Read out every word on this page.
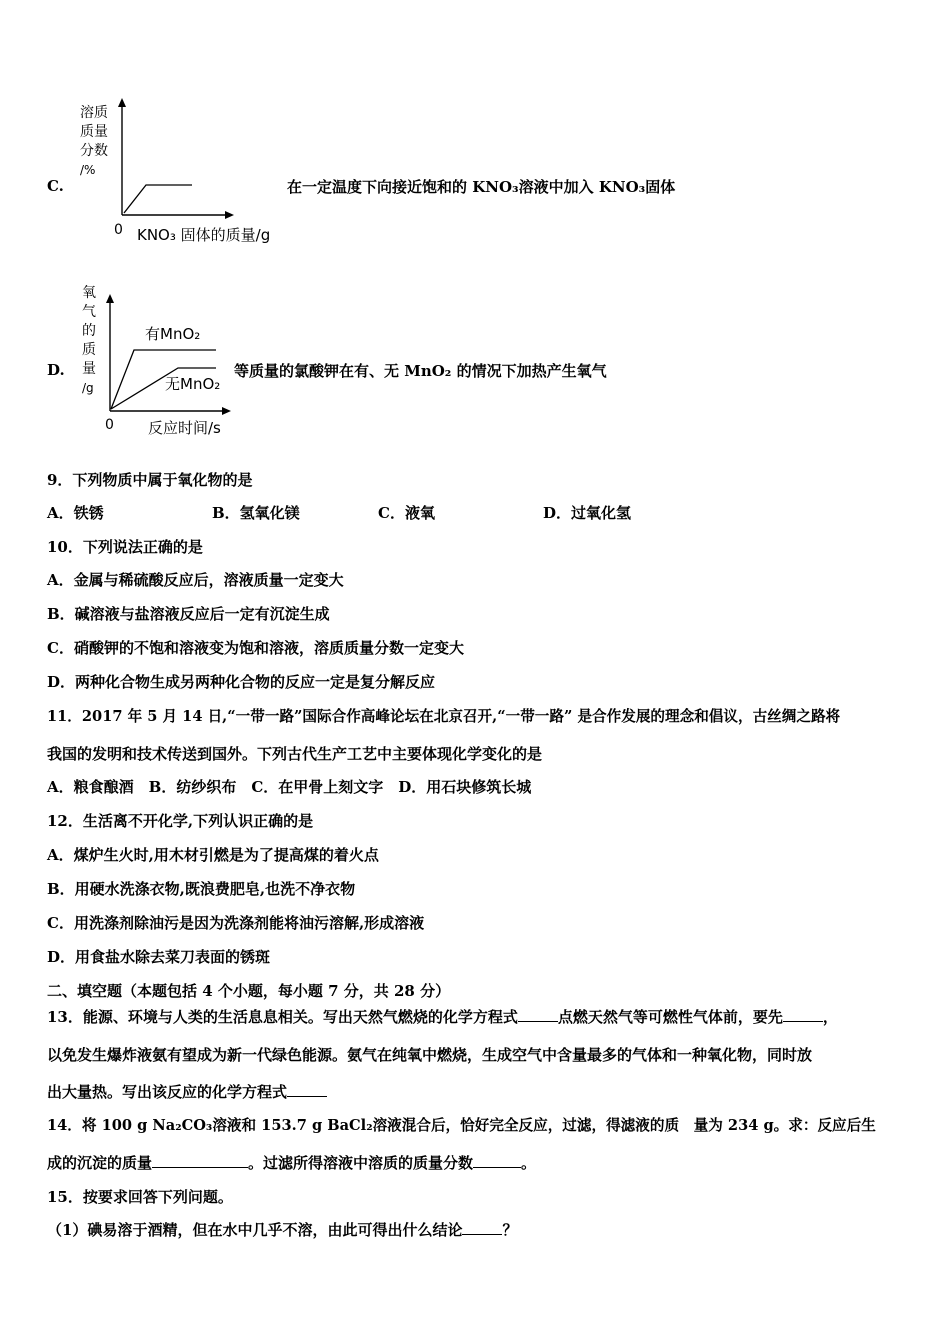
C.
溶质
质量
分数
/%
0 KNO₃ 固体的质量/g
在一定温度下向接近饱和的 KNO₃溶液中加入 KNO₃固体
D.
氧
气
的
质
量
/g
有MnO₂
无MnO₂
0 反应时间/s
等质量的氯酸钾在有、无 MnO₂ 的情况下加热产生氧气
9．下列物质中属于氧化物的是
A．铁锈	B．氢氧化镁	C．液氧	D．过氧化氢
10．下列说法正确的是
A．金属与稀硫酸反应后，溶液质量一定变大
B．碱溶液与盐溶液反应后一定有沉淀生成
C．硝酸钾的不饱和溶液变为饱和溶液，溶质质量分数一定变大
D．两种化合物生成另两种化合物的反应一定是复分解反应
11．2017 年 5 月 14 日,“一带一路”国际合作高峰论坛在北京召开,“一带一路” 是合作发展的理念和倡议，古丝绸之路将
我国的发明和技术传送到国外。下列古代生产工艺中主要体现化学变化的是
A．粮食酿酒　B．纺纱织布　C．在甲骨上刻文字　D．用石块修筑长城
12．生活离不开化学,下列认识正确的是
A．煤炉生火时,用木材引燃是为了提高煤的着火点
B．用硬水洗涤衣物,既浪费肥皂,也洗不净衣物
C．用洗涤剂除油污是因为洗涤剂能将油污溶解,形成溶液
D．用食盐水除去菜刀表面的锈斑
二、填空题（本题包括 4 个小题，每小题 7 分，共 28 分）
13．能源、环境与人类的生活息息相关。写出天然气燃烧的化学方程式	点燃天然气等可燃性气体前，要先	，
以免发生爆炸液氨有望成为新一代绿色能源。氨气在纯氧中燃烧，生成空气中含量最多的气体和一种氧化物，同时放
出大量热。写出该反应的化学方程式
14．将 100 g Na₂CO₃溶液和 153.7 g BaCl₂溶液混合后，恰好完全反应，过滤，得滤液的质　量为 234 g。求：反应后生
成的沉淀的质量	。过滤所得溶液中溶质的质量分数	。
15．按要求回答下列问题。
（1）碘易溶于酒精，但在水中几乎不溶，由此可得出什么结论	？
